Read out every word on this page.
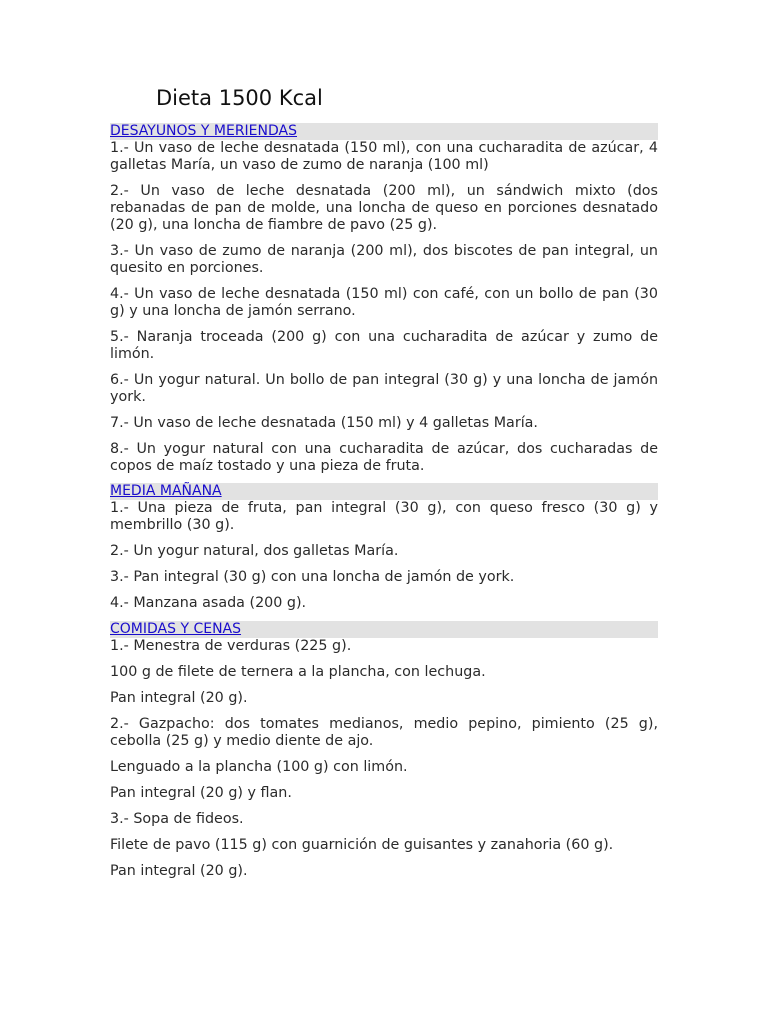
Dieta 1500 Kcal
DESAYUNOS Y MERIENDAS

1.- Un vaso de leche desnatada (150 ml), con una cucharadita de azúcar, 4 galletas María, un vaso de zumo de naranja (100 ml)

2.- Un vaso de leche desnatada (200 ml), un sándwich mixto (dos rebanadas de pan de molde, una loncha de queso en porciones desnatado (20 g), una loncha de fiambre de pavo (25 g).

3.- Un vaso de zumo de naranja (200 ml), dos biscotes de pan integral, un quesito en porciones.

4.- Un vaso de leche desnatada (150 ml) con café, con un bollo de pan (30 g) y una loncha de jamón serrano.

5.- Naranja troceada (200 g) con una cucharadita de azúcar y zumo de limón.

6.- Un yogur natural. Un bollo de pan integral (30 g) y una loncha de jamón york.

7.- Un vaso de leche desnatada (150 ml) y 4 galletas María.

8.- Un yogur natural con una cucharadita de azúcar, dos cucharadas de copos de maíz tostado y una pieza de fruta.

MEDIA MAÑANA

1.- Una pieza de fruta, pan integral (30 g), con queso fresco (30 g) y membrillo (30 g).

2.- Un yogur natural, dos galletas María.

3.- Pan integral (30 g) con una loncha de jamón de york.

4.- Manzana asada (200 g).

COMIDAS Y CENAS

1.- Menestra de verduras (225 g).

100 g de filete de ternera a la plancha, con lechuga.

Pan integral (20 g).

2.- Gazpacho: dos tomates medianos, medio pepino, pimiento (25 g), cebolla (25 g) y medio diente de ajo.

Lenguado a la plancha (100 g) con limón.

Pan integral (20 g) y flan.

3.- Sopa de fideos.

Filete de pavo (115 g) con guarnición de guisantes y zanahoria (60 g).

Pan integral (20 g).
